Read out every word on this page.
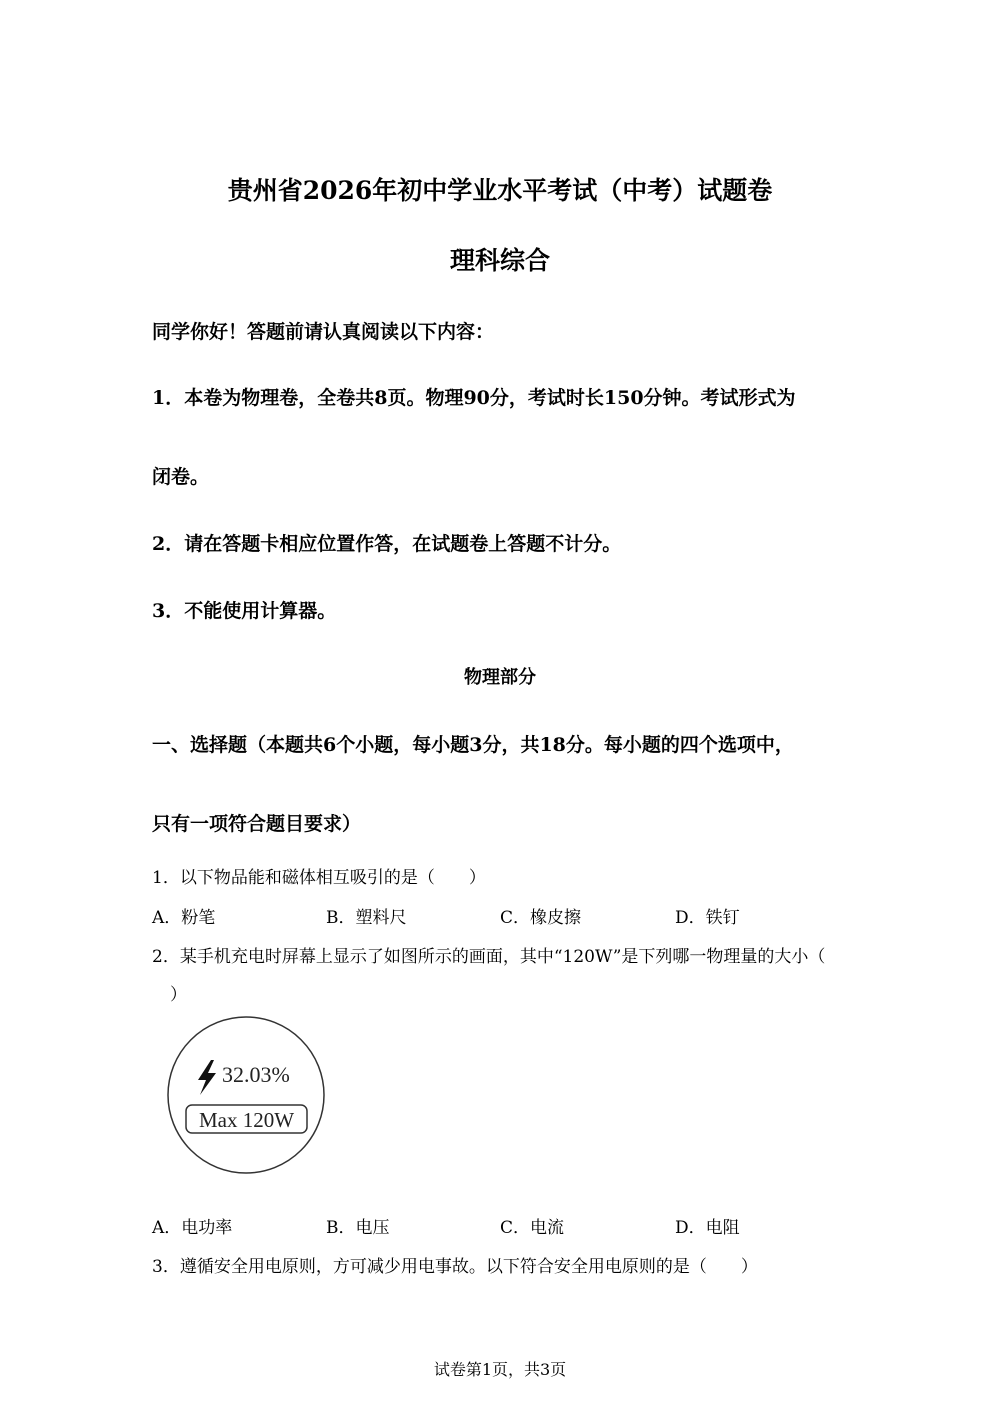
贵州省2026年初中学业水平考试（中考）试题卷
理科综合
同学你好！答题前请认真阅读以下内容：
1．本卷为物理卷，全卷共8页。物理90分，考试时长150分钟。考试形式为
闭卷。
2．请在答题卡相应位置作答，在试题卷上答题不计分。
3．不能使用计算器。
物理部分
一、选择题（本题共6个小题，每小题3分，共18分。每小题的四个选项中，
只有一项符合题目要求）
1．以下物品能和磁体相互吸引的是（　　）
A．粉笔	B．塑料尺	C．橡皮擦	D．铁钉
2．某手机充电时屏幕上显示了如图所示的画面，其中“120W”是下列哪一物理量的大小（
）
32.03%
Max 120W
A．电功率	B．电压	C．电流	D．电阻
3．遵循安全用电原则，方可减少用电事故。以下符合安全用电原则的是（　　）
试卷第1页，共3页
